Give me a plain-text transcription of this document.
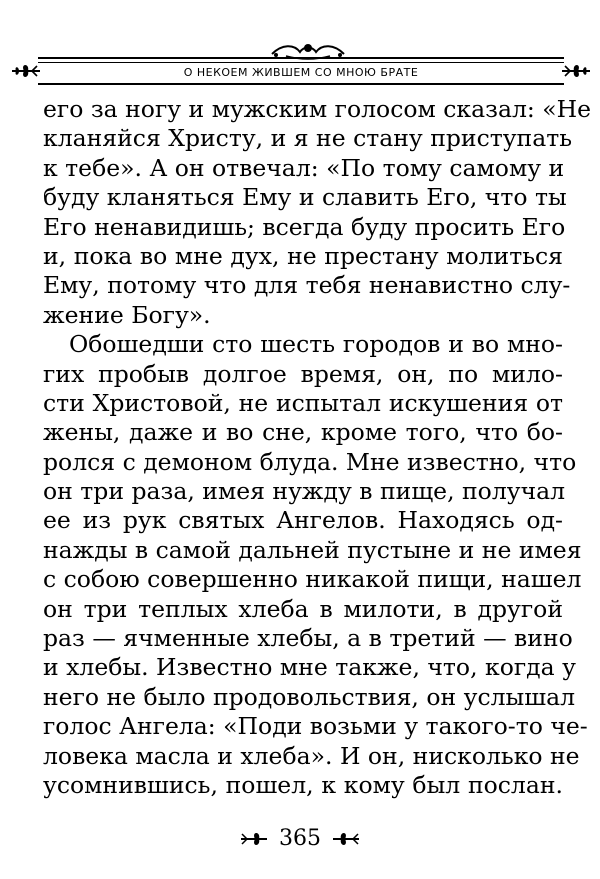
О НЕКОЕМ ЖИВШЕМ СО МНОЮ БРАТЕ
его за ногу и мужским голосом сказал: «Не
кланяйся Христу, и я не стану приступать
к тебе». А он отвечал: «По тому самому и
буду кланяться Ему и славить Его, что ты
Его ненавидишь; всегда буду просить Его
и, пока во мне дух, не престану молиться
Ему, потому что для тебя ненавистно слу-
жение Богу».
Обошедши сто шесть городов и во мно-
гих пробыв долгое время, он, по мило-
сти Христовой, не испытал искушения от
жены, даже и во сне, кроме того, что бо-
ролся с демоном блуда. Мне известно, что
он три раза, имея нужду в пище, получал
ее из рук святых Ангелов. Находясь од-
нажды в самой дальней пустыне и не имея
с собою совершенно никакой пищи, нашел
он три теплых хлеба в милоти, в другой
раз — ячменные хлебы, а в третий — вино
и хлебы. Известно мне также, что, когда у
него не было продовольствия, он услышал
голос Ангела: «Поди возьми у такого-то че-
ловека масла и хлеба». И он, нисколько не
усомнившись, пошел, к кому был послан.
365
